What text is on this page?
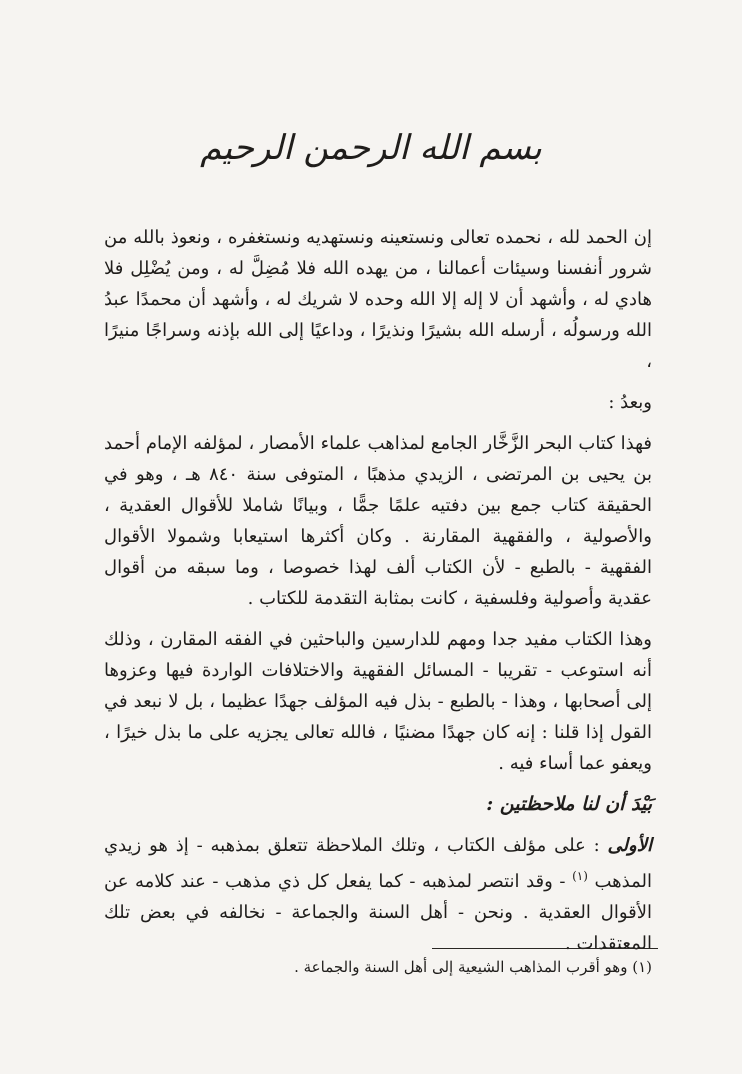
بسم الله الرحمن الرحيم

إن الحمد لله ، نحمده تعالى ونستعينه ونستهديه ونستغفره ، ونعوذ بالله من شرور أنفسنا وسيئات أعمالنا ، من يهده الله فلا مُضِلَّ له ، ومن يُضْلِل فلا هادي له ، وأشهد أن لا إله إلا الله وحده لا شريك له ، وأشهد أن محمدًا عبدُ الله ورسولُه ، أرسله الله بشيرًا ونذيرًا ، وداعيًا إلى الله بإذنه وسراجًا منيرًا ،

وبعدُ :

فهذا كتاب البحر الزَّخَّار الجامع لمذاهب علماء الأمصار ، لمؤلفه الإمام أحمد بن يحيى بن المرتضى ، الزيدي مذهبًا ، المتوفى سنة ٨٤٠ هـ ، وهو في الحقيقة كتاب جمع بين دفتيه علمًا جمًّا ، وبيانًا شاملا للأقوال العقدية ، والأصولية ، والفقهية المقارنة . وكان أكثرها استيعابا وشمولا الأقوال الفقهية - بالطبع - لأن الكتاب ألف لهذا خصوصا ، وما سبقه من أقوال عقدية وأصولية وفلسفية ، كانت بمثابة التقدمة للكتاب .

وهذا الكتاب مفيد جدا ومهم للدارسين والباحثين في الفقه المقارن ، وذلك أنه استوعب - تقريبا - المسائل الفقهية والاختلافات الواردة فيها وعزوها إلى أصحابها ، وهذا - بالطبع - بذل فيه المؤلف جهدًا عظيما ، بل لا نبعد في القول إذا قلنا : إنه كان جهدًا مضنيًا ، فالله تعالى يجزيه على ما بذل خيرًا ، ويعفو عما أساء فيه .

بَيْدَ أن لنا ملاحظتين :

الأولى : على مؤلف الكتاب ، وتلك الملاحظة تتعلق بمذهبه - إذ هو زيدي المذهب $^{(١)}$ - وقد انتصر لمذهبه - كما يفعل كل ذي مذهب - عند كلامه عن الأقوال العقدية . ونحن - أهل السنة والجماعة - نخالفه في بعض تلك المعتقدات .

(١) وهو أقرب المذاهب الشيعية إلى أهل السنة والجماعة .
